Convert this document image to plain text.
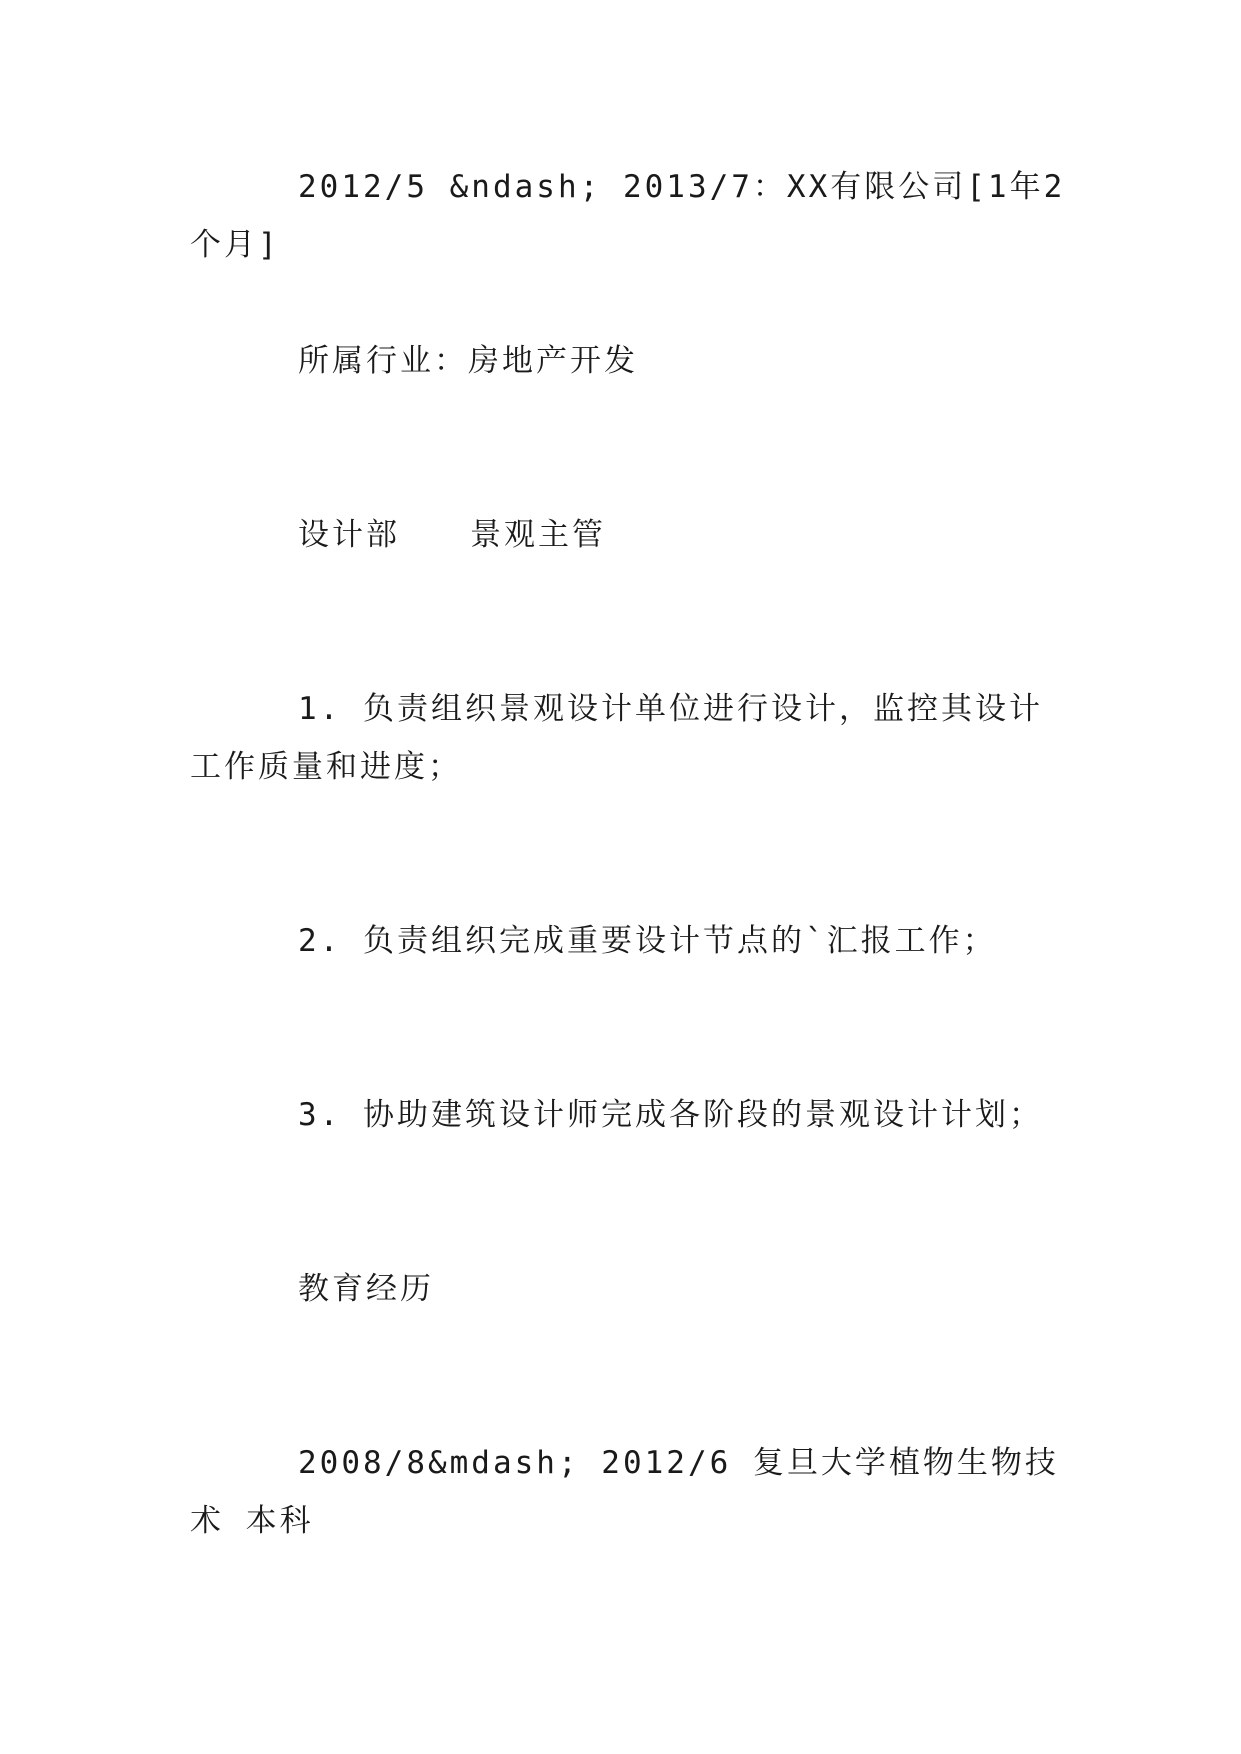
2012/5 &ndash; 2013/7：XX有限公司[1年2个月]

所属行业：房地产开发

设计部 景观主管

1. 负责组织景观设计单位进行设计，监控其设计工作质量和进度；

2. 负责组织完成重要设计节点的`汇报工作；

3. 协助建筑设计师完成各阶段的景观设计计划；

教育经历

2008/8&mdash; 2012/6 复旦大学植物生物技术 本科
